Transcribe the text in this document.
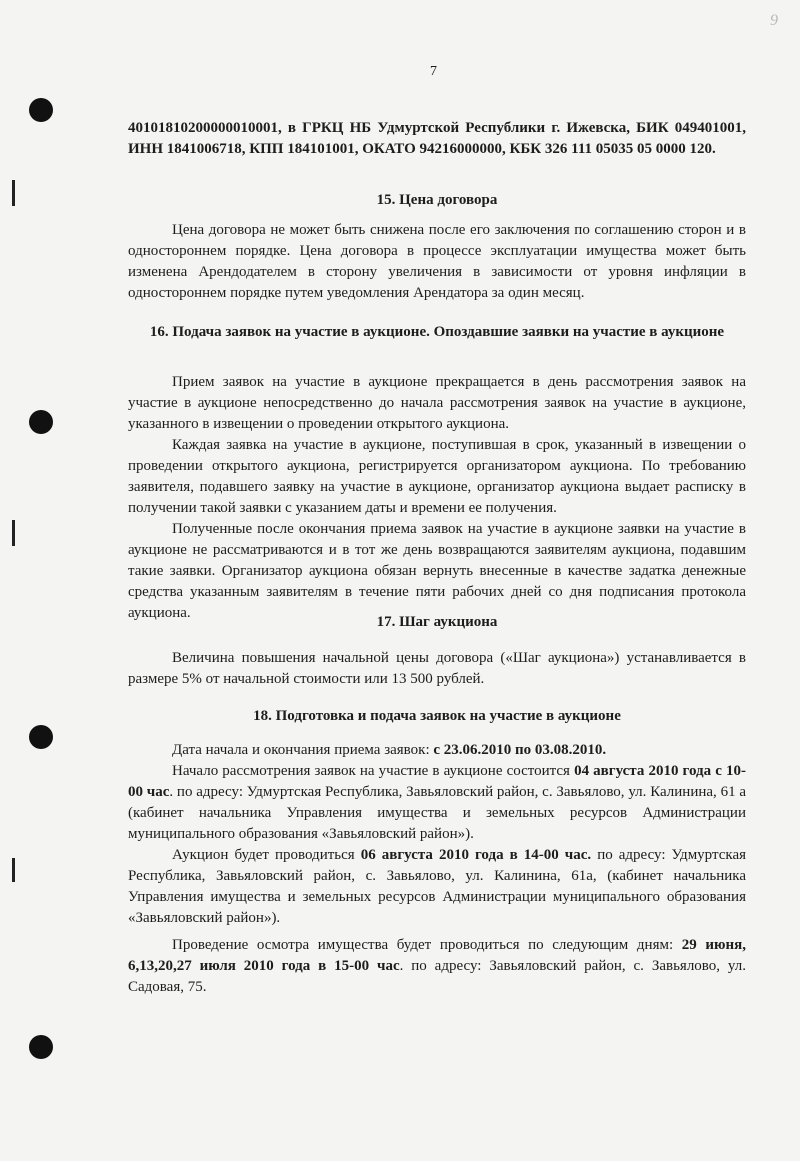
9
7
40101810200000010001, в ГРКЦ НБ Удмуртской Республики г. Ижевска, БИК 049401001, ИНН 1841006718, КПП 184101001, ОКАТО 94216000000, КБК 326 111 05035 05 0000 120.
15. Цена договора
Цена договора не может быть снижена после его заключения по соглашению сторон и в одностороннем порядке. Цена договора в процессе эксплуатации имущества может быть изменена Арендодателем в сторону увеличения в зависимости от уровня инфляции в одностороннем порядке путем уведомления Арендатора за один месяц.
16. Подача заявок на участие в аукционе. Опоздавшие заявки на участие в аукционе

Прием заявок на участие в аукционе прекращается в день рассмотрения заявок на участие в аукционе непосредственно до начала рассмотрения заявок на участие в аукционе, указанного в извещении о проведении открытого аукциона.

Каждая заявка на участие в аукционе, поступившая в срок, указанный в извещении о проведении открытого аукциона, регистрируется организатором аукциона. По требованию заявителя, подавшего заявку на участие в аукционе, организатор аукциона выдает расписку в получении такой заявки с указанием даты и времени ее получения.

Полученные после окончания приема заявок на участие в аукционе заявки на участие в аукционе не рассматриваются и в тот же день возвращаются заявителям аукциона, подавшим такие заявки. Организатор аукциона обязан вернуть внесенные в качестве задатка денежные средства указанным заявителям в течение пяти рабочих дней со дня подписания протокола аукциона.

17. Шаг аукциона
Величина повышения начальной цены договора («Шаг аукциона») устанавливается в размере 5% от начальной стоимости или 13 500 рублей.
18. Подготовка и подача заявок на участие в аукционе

Дата начала и окончания приема заявок: с 23.06.2010 по 03.08.2010.

Начало рассмотрения заявок на участие в аукционе состоится 04 августа 2010 года с 10-00 час. по адресу: Удмуртская Республика, Завьяловский район, с. Завьялово, ул. Калинина, 61 а (кабинет начальника Управления имущества и земельных ресурсов Администрации муниципального образования «Завьяловский район»).

Аукцион будет проводиться 06 августа 2010 года в 14-00 час. по адресу: Удмуртская Республика, Завьяловский район, с. Завьялово, ул. Калинина, 61а, (кабинет начальника Управления имущества и земельных ресурсов Администрации муниципального образования «Завьяловский район»).

Проведение осмотра имущества будет проводиться по следующим дням: 29 июня, 6,13,20,27 июля 2010 года в 15-00 час. по адресу: Завьяловский район, с. Завьялово, ул. Садовая, 75.
